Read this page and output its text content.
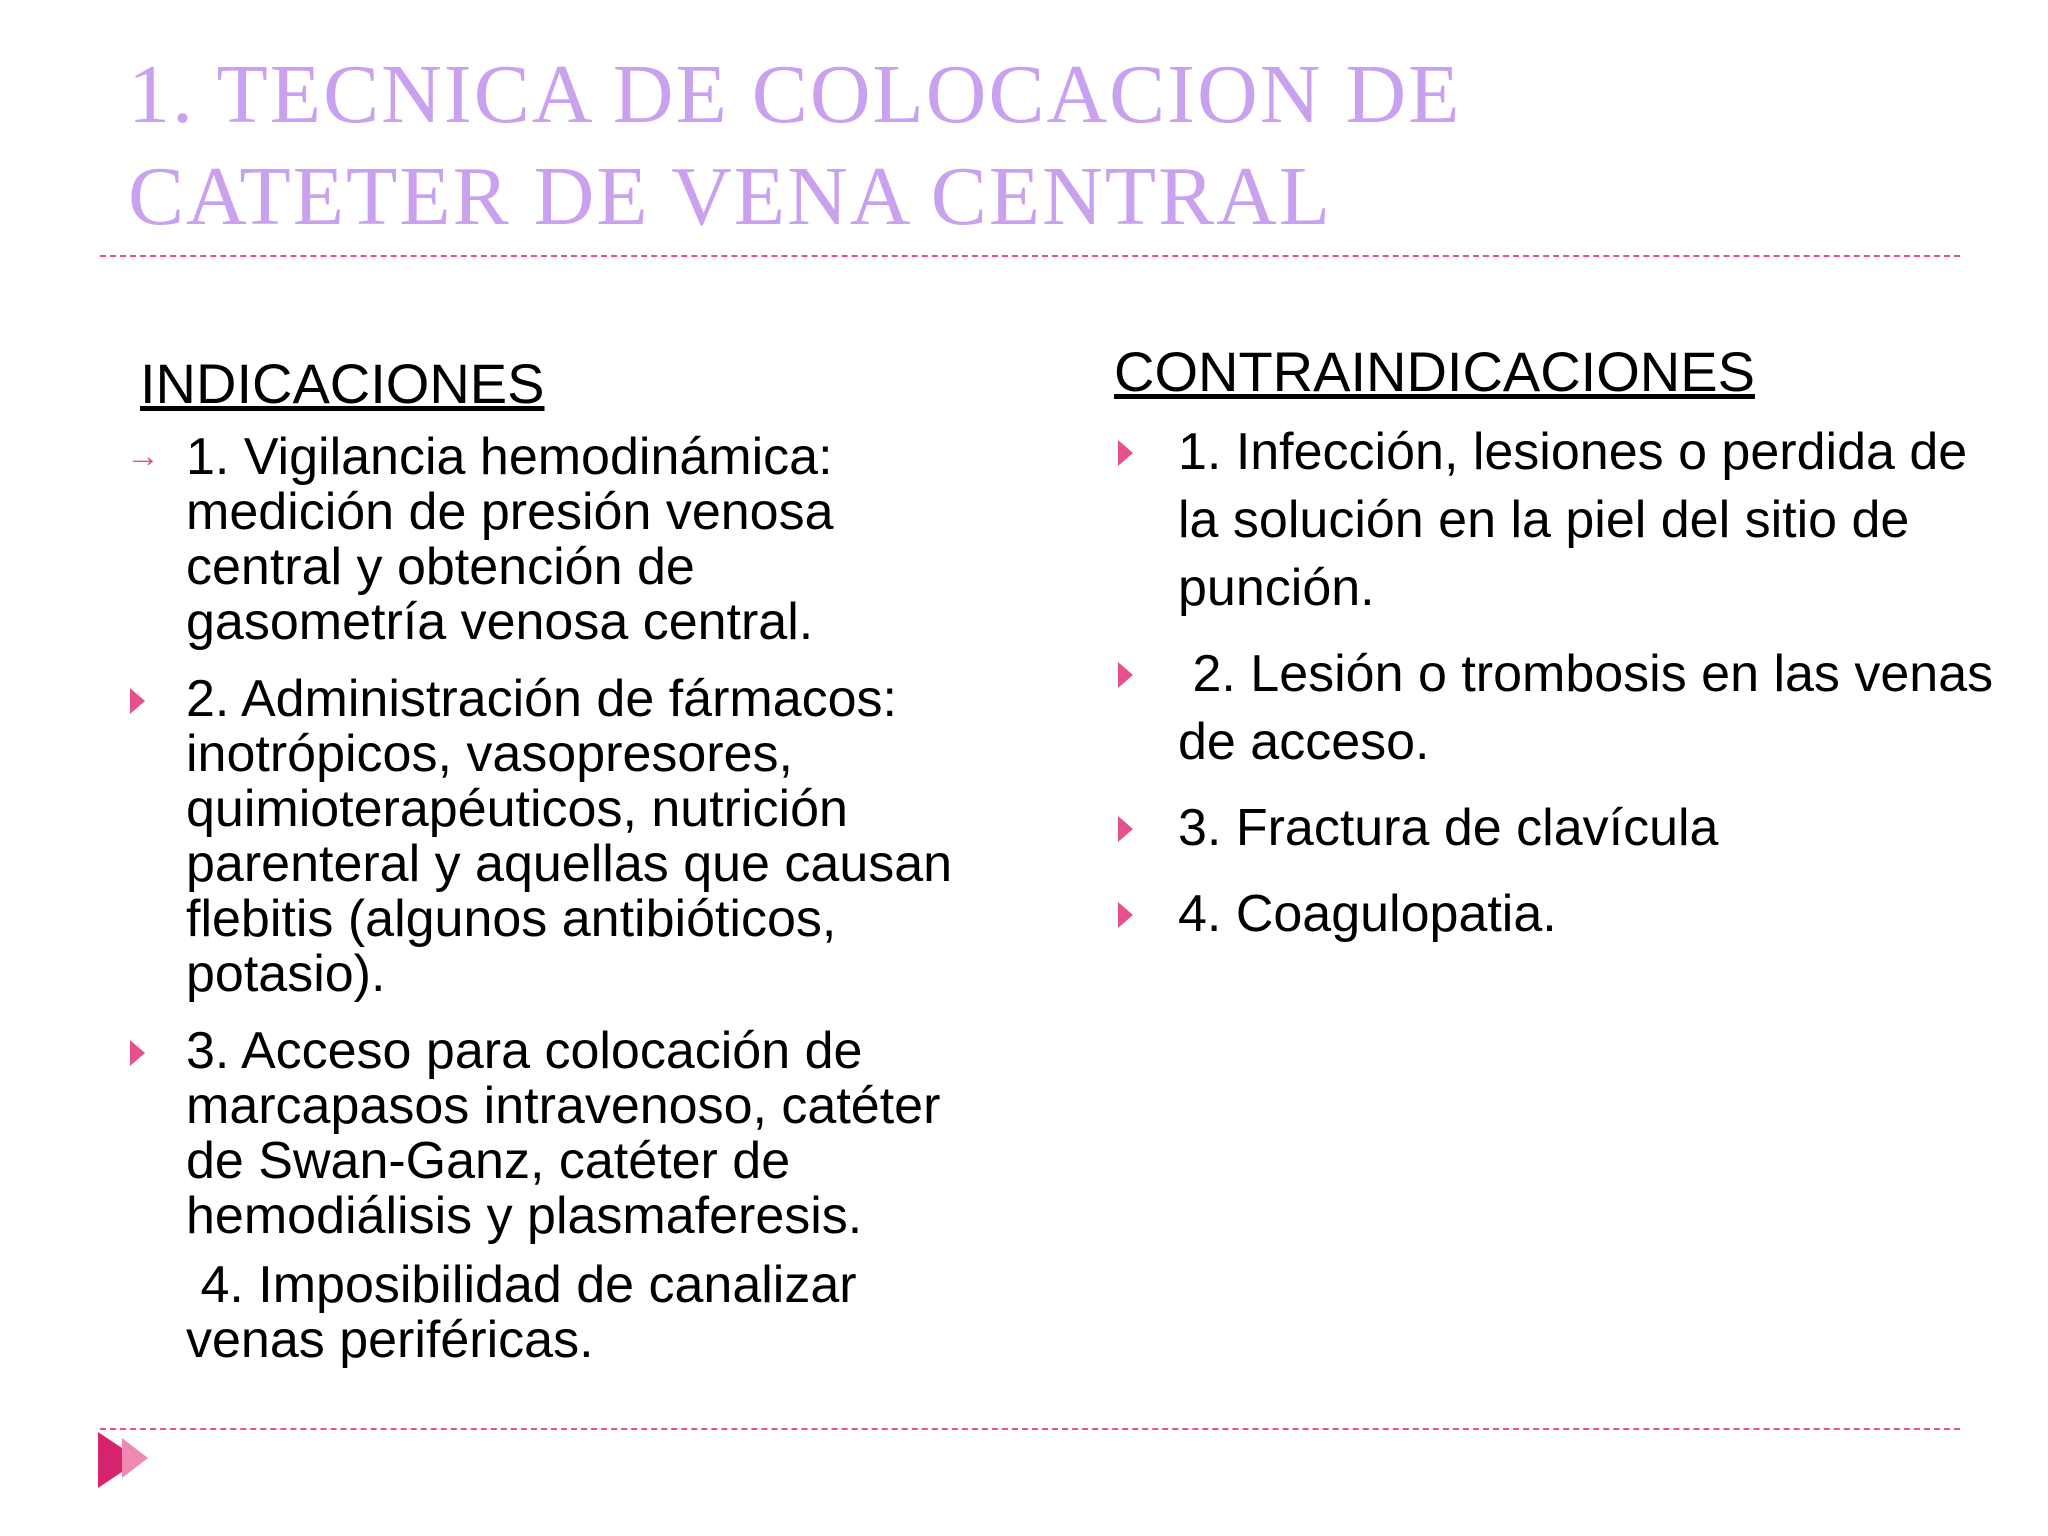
1. TECNICA DE COLOCACION DE
CATETER DE VENA CENTRAL
INDICACIONES
→ 1. Vigilancia hemodinámica: medición de presión venosa central y obtención de gasometría venosa central.
2. Administración de fármacos: inotrópicos, vasopresores, quimioterapéuticos, nutrición parenteral y aquellas que causan flebitis (algunos antibióticos, potasio).
3. Acceso para colocación de marcapasos intravenoso, catéter de Swan-Ganz, catéter de hemodiálisis y plasmaferesis.
4. Imposibilidad de canalizar venas periféricas.
CONTRAINDICACIONES
1. Infección, lesiones o perdida de la solución en la piel del sitio de punción.
2. Lesión o trombosis en las venas de acceso.
3. Fractura de clavícula
4. Coagulopatia.
